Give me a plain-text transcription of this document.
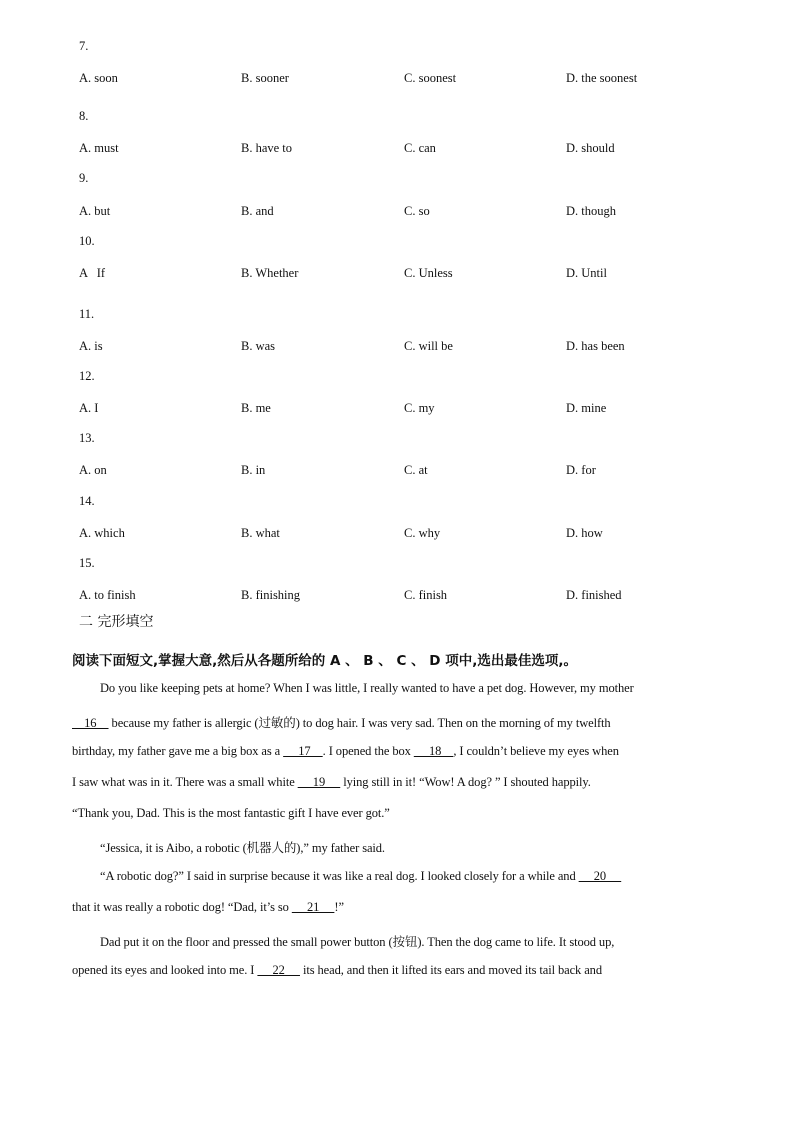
7.
A. soon	B. sooner	C. soonest	D. the soonest
8.
A. must	B. have to	C. can	D. should
9.
A. but	B. and	C. so	D. though
10.
A   If	B. Whether	C. Unless	D. Until
11.
A. is	B. was	C. will be	D. has been
12.
A. I	B. me	C. my	D. mine
13.
A. on	B. in	C. at	D. for
14.
A. which	B. what	C. why	D. how
15.
A. to finish	B. finishing	C. finish	D. finished
二 完形填空
阅读下面短文,掌握大意,然后从各题所给的 A 、 B 、 C 、 D 项中,选出最佳选项,。
Do you like keeping pets at home? When I was little, I really wanted to have a pet dog. However, my mother
16     because my father is allergic (过敏的) to dog hair. I was very sad. Then on the morning of my twelfth
birthday, my father gave me a big box as a      17    . I opened the box      18    , I couldn’t believe my eyes when
I saw what was in it. There was a small white      19      lying still in it! “Wow! A dog? ” I shouted happily.
“Thank you, Dad. This is the most fantastic gift I have ever got.”
“Jessica, it is Aibo, a robotic (机器人的),” my father said.
“A robotic dog?” I said in surprise because it was like a real dog. I looked closely for a while and      20
that it was really a robotic dog! “Dad, it’s so      21     !”
Dad put it on the floor and pressed the small power button (按钮). Then the dog came to life. It stood up,
opened its eyes and looked into me. I      22      its head, and then it lifted its ears and moved its tail back and
